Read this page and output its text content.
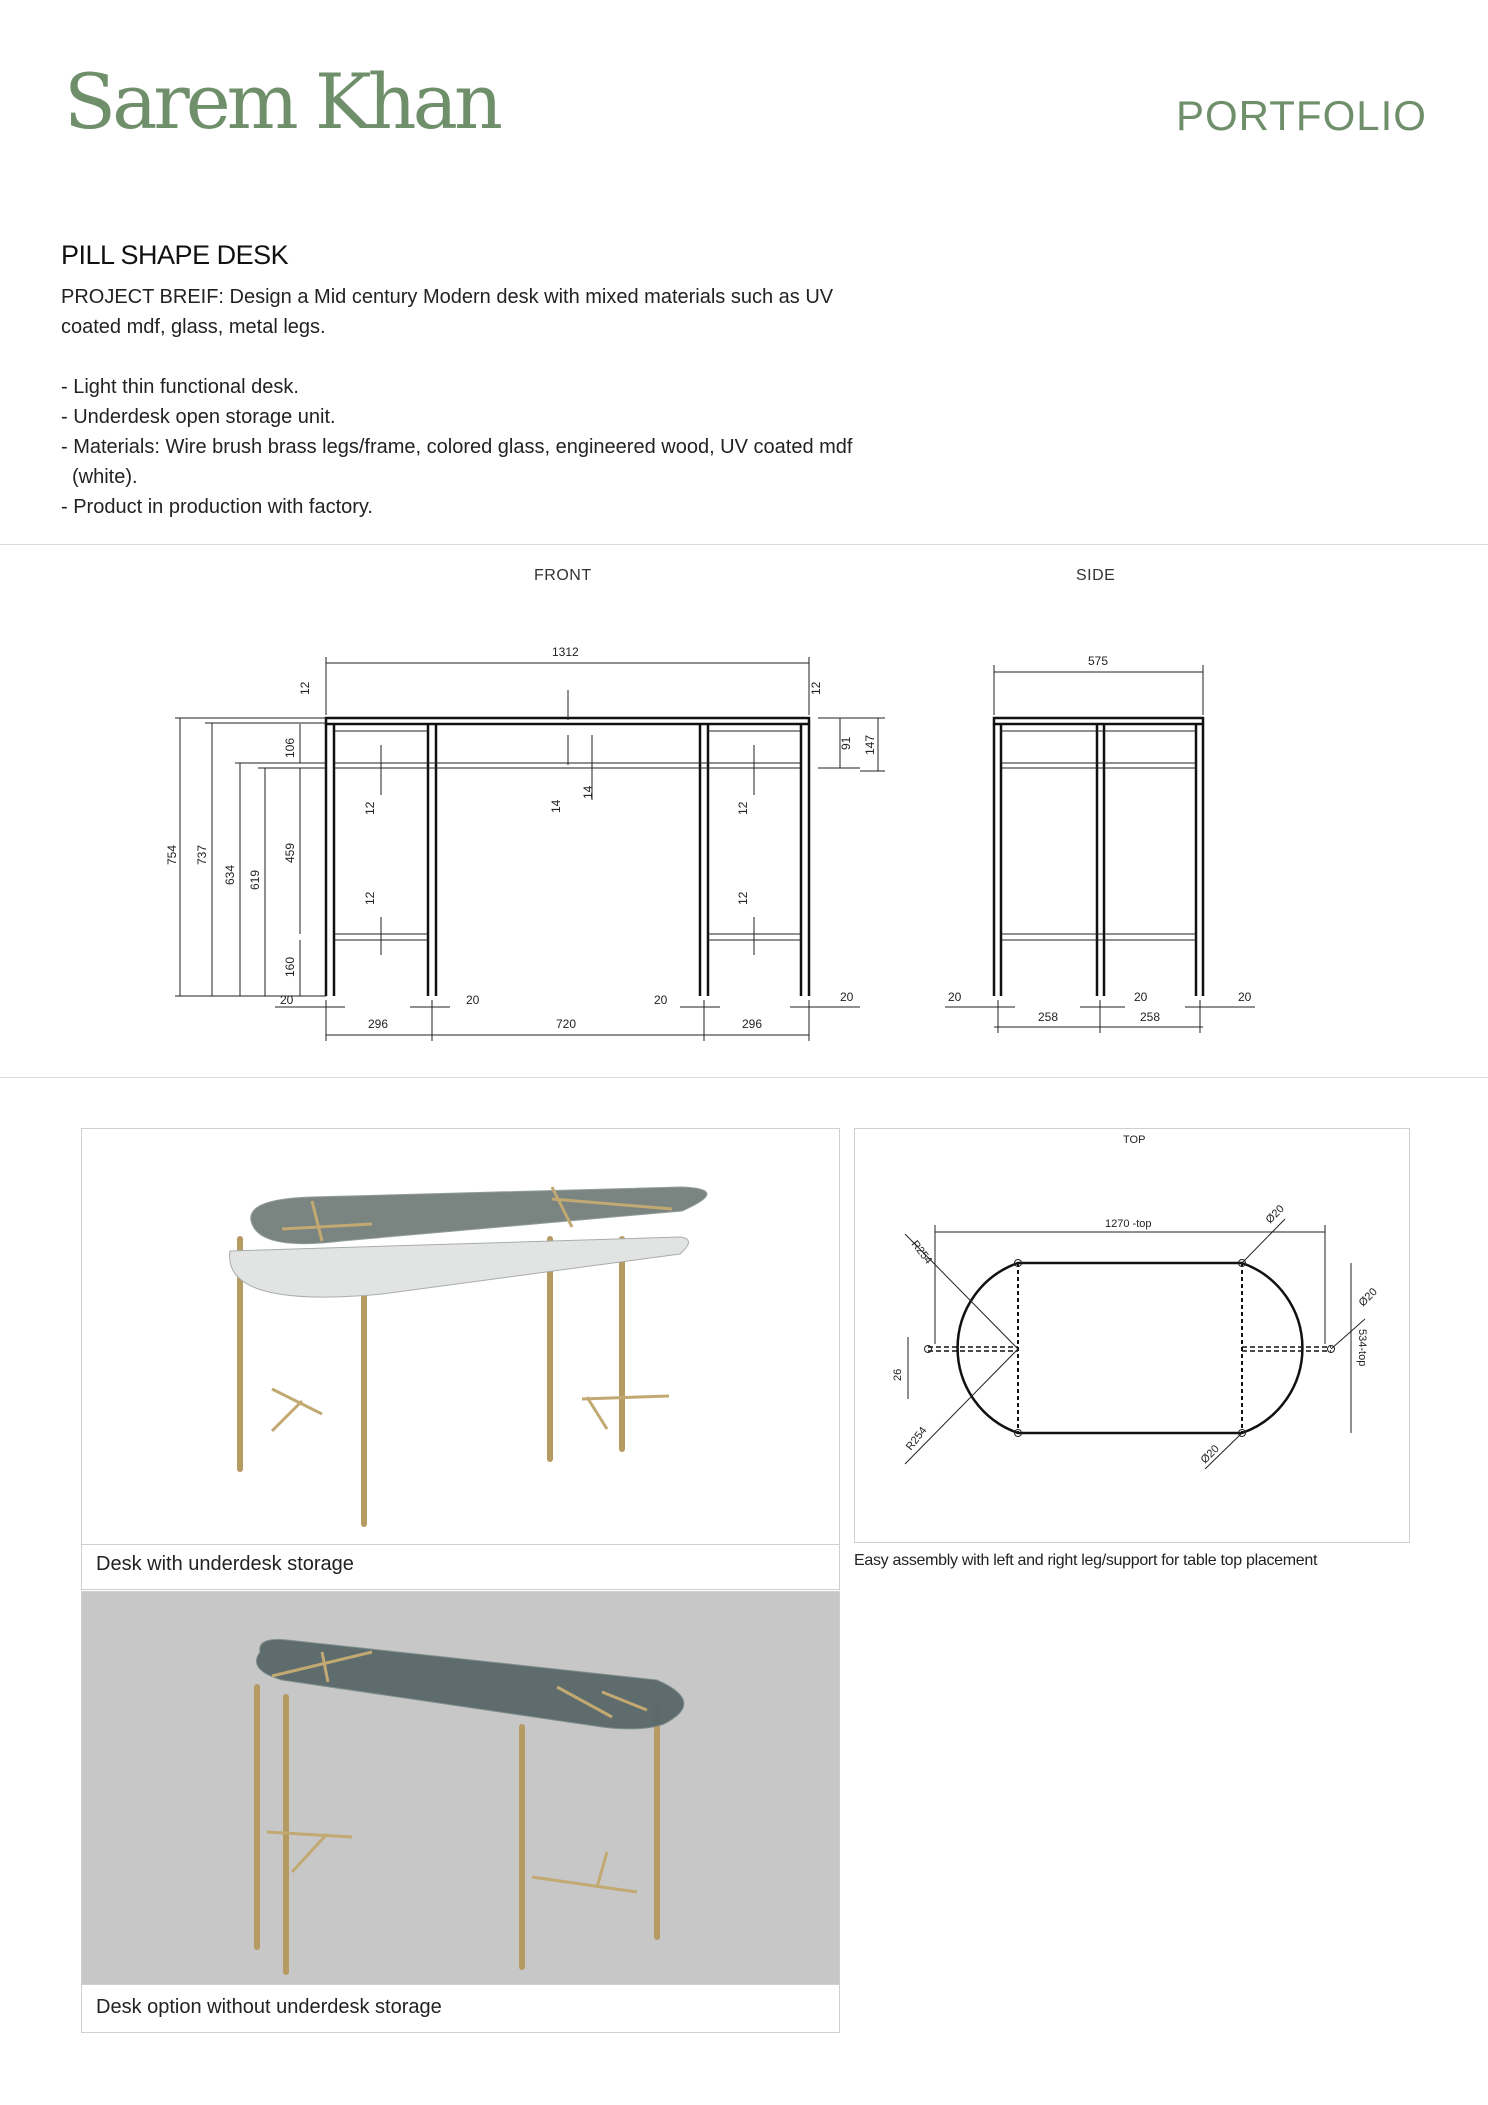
Sarem Khan	PORTFOLIO
PILL SHAPE DESK
PROJECT BREIF: Design a Mid century Modern desk with mixed materials such as UV coated mdf, glass, metal legs.
- Light thin functional desk.
- Underdesk open storage unit.
- Materials: Wire brush brass legs/frame, colored glass, engineered wood, UV coated mdf (white).
- Product in production with factory.
FRONT	SIDE
1312
754 737
634 619
106
459
160
12	12
12
12
12
12
14
14
91 147
20	20	20	20
296	720	296
575
20	20	20
258	258
Desk with underdesk storage
TOP
1270 -top
534-top
R254
R254
Ø20
Ø20
Ø20
26
Easy assembly with left and right leg/support for table top placement
Desk option without underdesk storage
